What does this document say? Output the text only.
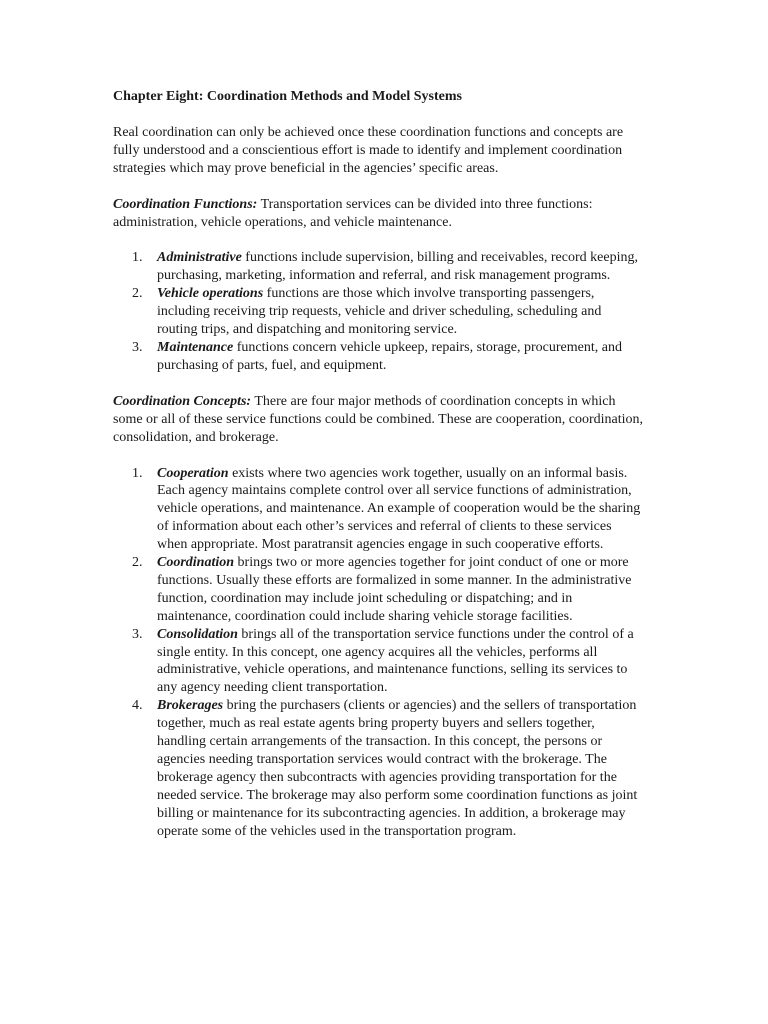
Chapter Eight: Coordination Methods and Model Systems

Real coordination can only be achieved once these coordination functions and concepts are fully understood and a conscientious effort is made to identify and implement coordination strategies which may prove beneficial in the agencies’ specific areas.

Coordination Functions: Transportation services can be divided into three functions: administration, vehicle operations, and vehicle maintenance.

1. Administrative functions include supervision, billing and receivables, record keeping, purchasing, marketing, information and referral, and risk management programs.
2. Vehicle operations functions are those which involve transporting passengers, including receiving trip requests, vehicle and driver scheduling, scheduling and routing trips, and dispatching and monitoring service.
3. Maintenance functions concern vehicle upkeep, repairs, storage, procurement, and purchasing of parts, fuel, and equipment.

Coordination Concepts: There are four major methods of coordination concepts in which some or all of these service functions could be combined. These are cooperation, coordination, consolidation, and brokerage.

1. Cooperation exists where two agencies work together, usually on an informal basis. Each agency maintains complete control over all service functions of administration, vehicle operations, and maintenance. An example of cooperation would be the sharing of information about each other’s services and referral of clients to these services when appropriate. Most paratransit agencies engage in such cooperative efforts.
2. Coordination brings two or more agencies together for joint conduct of one or more functions. Usually these efforts are formalized in some manner. In the administrative function, coordination may include joint scheduling or dispatching; and in maintenance, coordination could include sharing vehicle storage facilities.
3. Consolidation brings all of the transportation service functions under the control of a single entity. In this concept, one agency acquires all the vehicles, performs all administrative, vehicle operations, and maintenance functions, selling its services to any agency needing client transportation.
4. Brokerages bring the purchasers (clients or agencies) and the sellers of transportation together, much as real estate agents bring property buyers and sellers together, handling certain arrangements of the transaction. In this concept, the persons or agencies needing transportation services would contract with the brokerage. The brokerage agency then subcontracts with agencies providing transportation for the needed service. The brokerage may also perform some coordination functions as joint billing or maintenance for its subcontracting agencies. In addition, a brokerage may operate some of the vehicles used in the transportation program.
